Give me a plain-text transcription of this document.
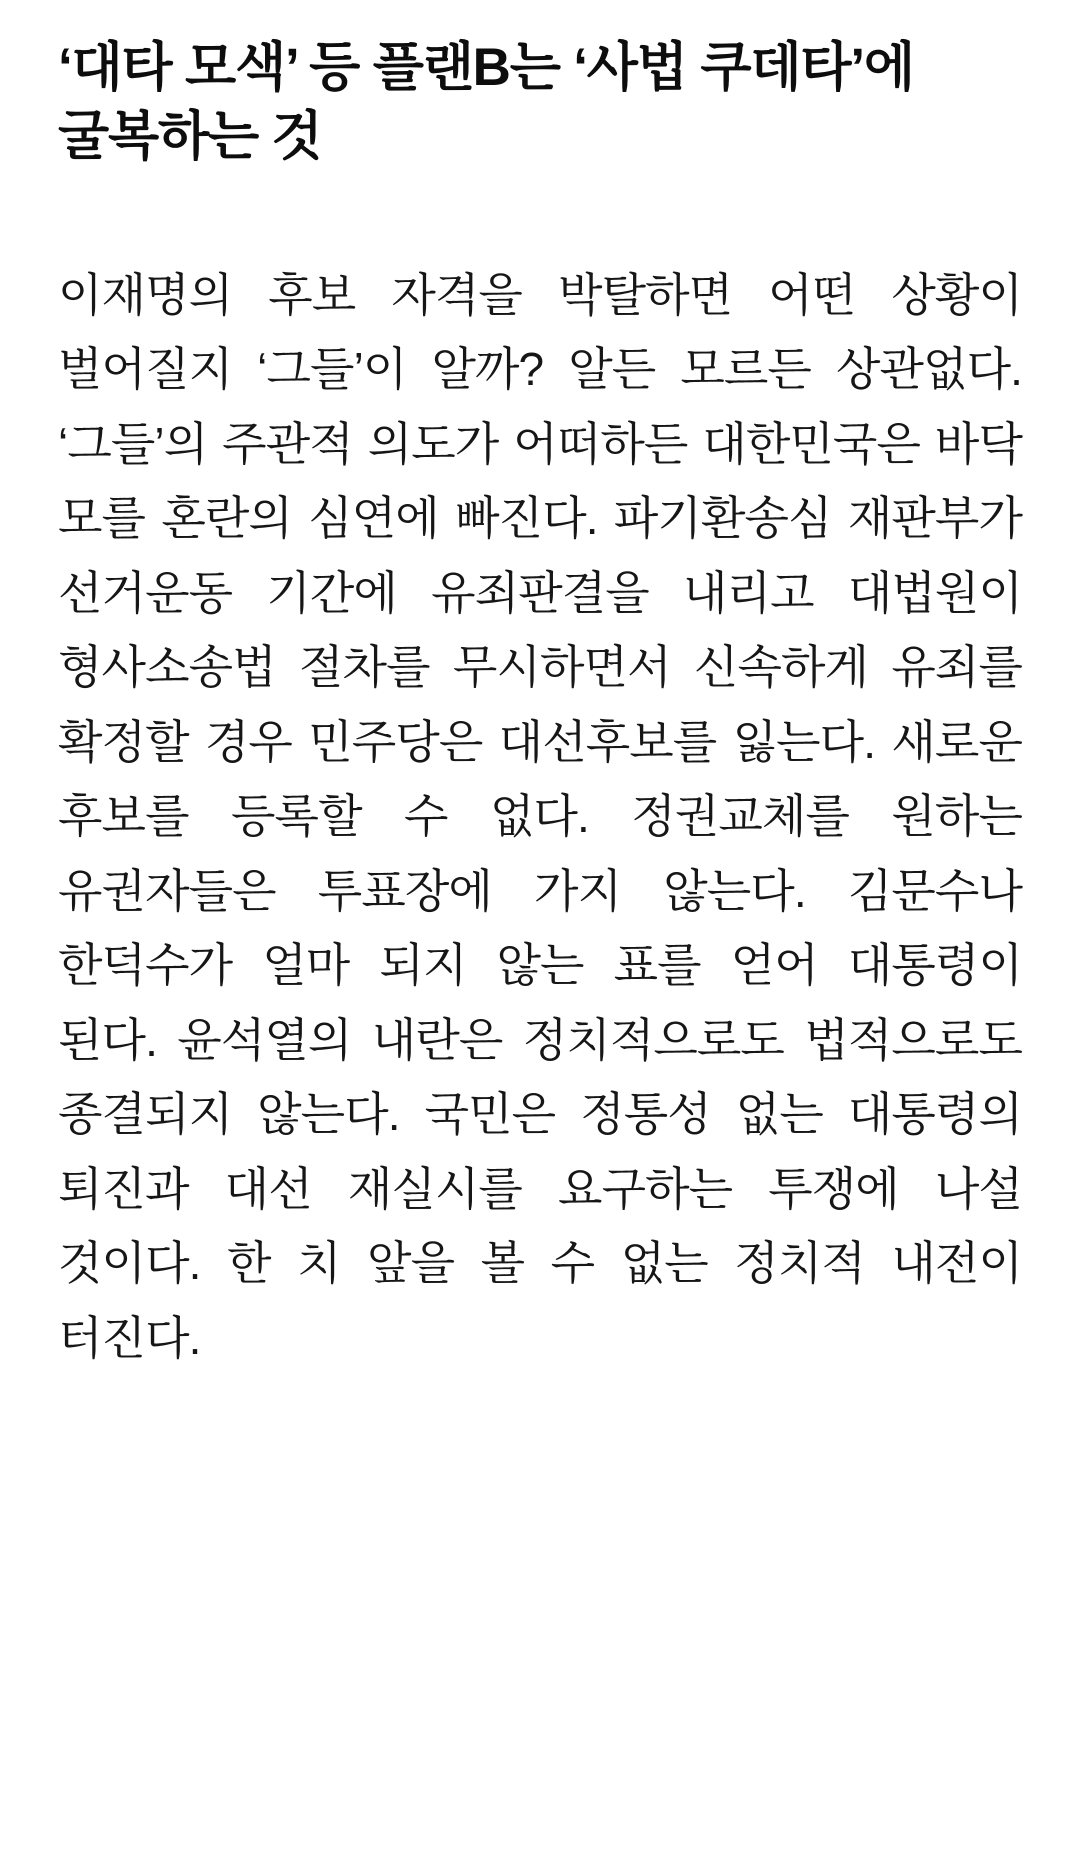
‘대타 모색’ 등 플랜B는 ‘사법 쿠데타’에 굴복하는 것

이재명의 후보 자격을 박탈하면 어떤 상황이 벌어질지 ‘그들’이 알까? 알든 모르든 상관없다. ‘그들’의 주관적 의도가 어떠하든 대한민국은 바닥 모를 혼란의 심연에 빠진다. 파기환송심 재판부가 선거운동 기간에 유죄판결을 내리고 대법원이 형사소송법 절차를 무시하면서 신속하게 유죄를 확정할 경우 민주당은 대선후보를 잃는다. 새로운 후보를 등록할 수 없다. 정권교체를 원하는 유권자들은 투표장에 가지 않는다. 김문수나 한덕수가 얼마 되지 않는 표를 얻어 대통령이 된다. 윤석열의 내란은 정치적으로도 법적으로도 종결되지 않는다. 국민은 정통성 없는 대통령의 퇴진과 대선 재실시를 요구하는 투쟁에 나설 것이다. 한 치 앞을 볼 수 없는 정치적 내전이 터진다.
